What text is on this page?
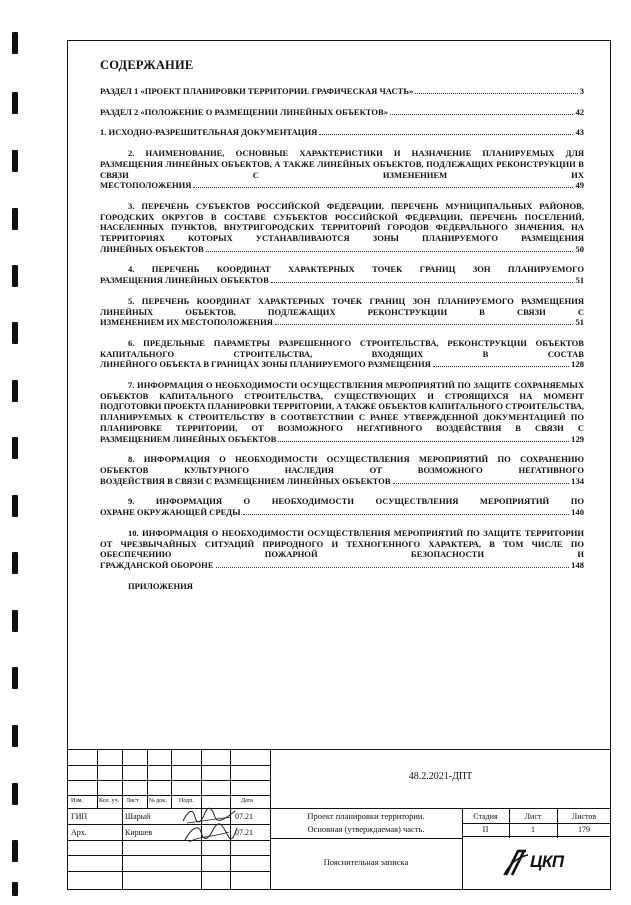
СОДЕРЖАНИЕ
РАЗДЕЛ 1 «ПРОЕКТ ПЛАНИРОВКИ ТЕРРИТОРИИ. ГРАФИЧЕСКАЯ ЧАСТЬ»	3
РАЗДЕЛ 2 «ПОЛОЖЕНИЕ О РАЗМЕЩЕНИИ ЛИНЕЙНЫХ ОБЪЕКТОВ»	42
1. ИСХОДНО-РАЗРЕШИТЕЛЬНАЯ ДОКУМЕНТАЦИЯ	43
2. НАИМЕНОВАНИЕ, ОСНОВНЫЕ ХАРАКТЕРИСТИКИ И НАЗНАЧЕНИЕ ПЛАНИРУЕМЫХ ДЛЯ РАЗМЕЩЕНИЯ ЛИНЕЙНЫХ ОБЪЕКТОВ, А ТАКЖЕ ЛИНЕЙНЫХ ОБЪЕКТОВ, ПОДЛЕЖАЩИХ РЕКОНСТРУКЦИИ В СВЯЗИ С ИЗМЕНЕНИЕМ ИХ
МЕСТОПОЛОЖЕНИЯ	49
3. ПЕРЕЧЕНЬ СУБЪЕКТОВ РОССИЙСКОЙ ФЕДЕРАЦИИ, ПЕРЕЧЕНЬ МУНИЦИПАЛЬНЫХ РАЙОНОВ, ГОРОДСКИХ ОКРУГОВ В СОСТАВЕ СУБЪЕКТОВ РОССИЙСКОЙ ФЕДЕРАЦИИ, ПЕРЕЧЕНЬ ПОСЕЛЕНИЙ, НАСЕЛЕННЫХ ПУНКТОВ, ВНУТРИГОРОДСКИХ ТЕРРИТОРИЙ ГОРОДОВ ФЕДЕРАЛЬНОГО ЗНАЧЕНИЯ, НА ТЕРРИТОРИЯХ КОТОРЫХ УСТАНАВЛИВАЮТСЯ ЗОНЫ ПЛАНИРУЕМОГО РАЗМЕЩЕНИЯ
ЛИНЕЙНЫХ ОБЪЕКТОВ	50
4. ПЕРЕЧЕНЬ КООРДИНАТ ХАРАКТЕРНЫХ ТОЧЕК ГРАНИЦ ЗОН ПЛАНИРУЕМОГО
РАЗМЕЩЕНИЯ ЛИНЕЙНЫХ ОБЪЕКТОВ	51
5. ПЕРЕЧЕНЬ КООРДИНАТ ХАРАКТЕРНЫХ ТОЧЕК ГРАНИЦ ЗОН ПЛАНИРУЕМОГО РАЗМЕЩЕНИЯ ЛИНЕЙНЫХ ОБЪЕКТОВ, ПОДЛЕЖАЩИХ РЕКОНСТРУКЦИИ В СВЯЗИ С
ИЗМЕНЕНИЕМ ИХ МЕСТОПОЛОЖЕНИЯ	51
6. ПРЕДЕЛЬНЫЕ ПАРАМЕТРЫ РАЗРЕШЕННОГО СТРОИТЕЛЬСТВА, РЕКОНСТРУКЦИИ ОБЪЕКТОВ КАПИТАЛЬНОГО СТРОИТЕЛЬСТВА, ВХОДЯЩИХ В СОСТАВ
ЛИНЕЙНОГО ОБЪЕКТА В ГРАНИЦАХ ЗОНЫ ПЛАНИРУЕМОГО РАЗМЕЩЕНИЯ	128
7. ИНФОРМАЦИЯ О НЕОБХОДИМОСТИ ОСУЩЕСТВЛЕНИЯ МЕРОПРИЯТИЙ ПО ЗАЩИТЕ СОХРАНЯЕМЫХ ОБЪЕКТОВ КАПИТАЛЬНОГО СТРОИТЕЛЬСТВА, СУЩЕСТВУЮЩИХ И СТРОЯЩИХСЯ НА МОМЕНТ ПОДГОТОВКИ ПРОЕКТА ПЛАНИРОВКИ ТЕРРИТОРИИ, А ТАКЖЕ ОБЪЕКТОВ КАПИТАЛЬНОГО СТРОИТЕЛЬСТВА, ПЛАНИРУЕМЫХ К СТРОИТЕЛЬСТВУ В СООТВЕТСТВИИ С РАНЕЕ УТВЕРЖДЕННОЙ ДОКУМЕНТАЦИЕЙ ПО ПЛАНИРОВКЕ ТЕРРИТОРИИ, ОТ ВОЗМОЖНОГО НЕГАТИВНОГО ВОЗДЕЙСТВИЯ В СВЯЗИ С
РАЗМЕЩЕНИЕМ ЛИНЕЙНЫХ ОБЪЕКТОВ	129
8. ИНФОРМАЦИЯ О НЕОБХОДИМОСТИ ОСУЩЕСТВЛЕНИЯ МЕРОПРИЯТИЙ ПО СОХРАНЕНИЮ ОБЪЕКТОВ КУЛЬТУРНОГО НАСЛЕДИЯ ОТ ВОЗМОЖНОГО НЕГАТИВНОГО
ВОЗДЕЙСТВИЯ В СВЯЗИ С РАЗМЕЩЕНИЕМ ЛИНЕЙНЫХ ОБЪЕКТОВ	134
9. ИНФОРМАЦИЯ О НЕОБХОДИМОСТИ ОСУЩЕСТВЛЕНИЯ МЕРОПРИЯТИЙ ПО
ОХРАНЕ ОКРУЖАЮЩЕЙ СРЕДЫ	140
10. ИНФОРМАЦИЯ О НЕОБХОДИМОСТИ ОСУЩЕСТВЛЕНИЯ МЕРОПРИЯТИЙ ПО ЗАЩИТЕ ТЕРРИТОРИИ ОТ ЧРЕЗВЫЧАЙНЫХ СИТУАЦИЙ ПРИРОДНОГО И ТЕХНОГЕННОГО ХАРАКТЕРА, В ТОМ ЧИСЛЕ ПО ОБЕСПЕЧЕНИЮ ПОЖАРНОЙ БЕЗОПАСНОСТИ И
ГРАЖДАНСКОЙ ОБОРОНЕ	148
ПРИЛОЖЕНИЯ
Изм.	Кол. уч. Лист № док. Подп.	Дата
48.2.2021-ДПТ
ГИП	Шарый	07.21
Арх.	Киршев	07.21
Проект планировки территории.
Основная (утверждаемая) часть.
Пояснительная записка
Стадия	Лист	Листов
П	1	179
ЦКП
